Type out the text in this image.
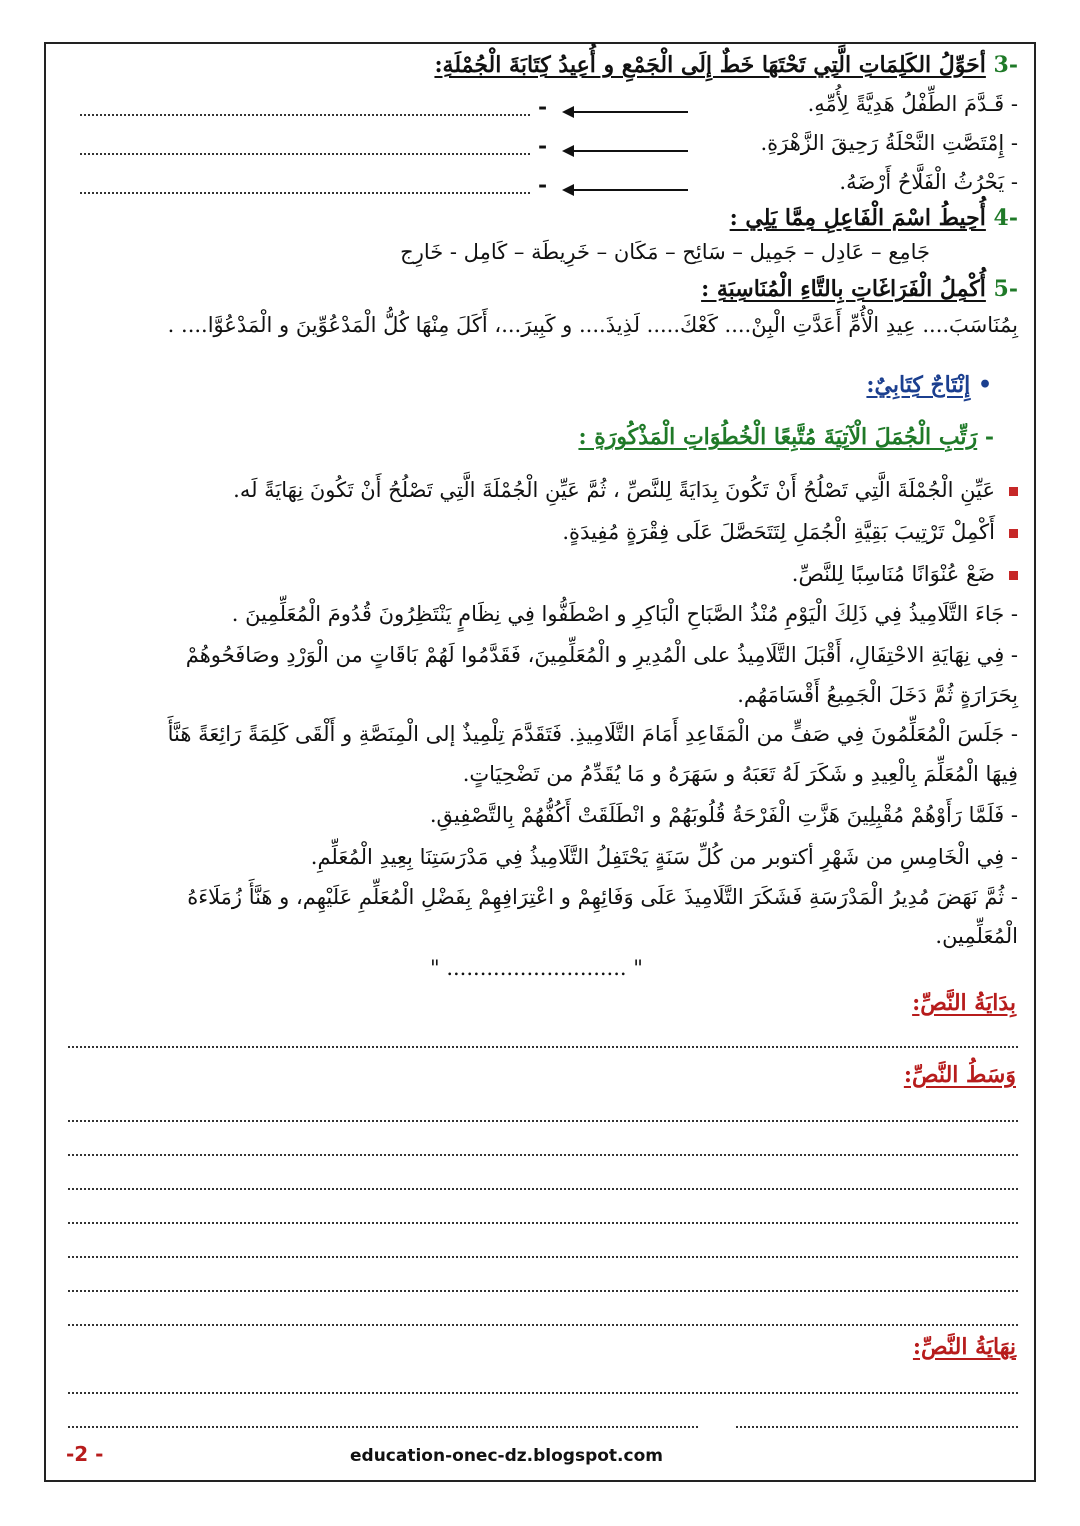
-3 أحَوِّلُ الكَلِمَاتِ الَّتِي تَحْتَهَا خَطٌ إِلَى الْجَمْعِ و أُعِيدُ كِتَابَةَ الْجُمْلَةِ:
- قَـدَّمَ الطِّفْلُ هَدِيَّةً لِأُمِّهِ.
-
- إِمْتَصَّتِ النَّحْلَةُ رَحِيقَ الزَّهْرَةِ.
-
- يَحْرُثُ الْفَلَّاحُ أَرْضَهُ.
-
-4 أُحِيطُ اسْمَ الْفَاعِلِ مِمَّا يَلِي :
جَامِع – عَادِل – جَمِيل – سَائِح – مَكَان – خَرِيطَة – كَامِل - خَارِج
-5 أُكْمِلُ الْفَرَاغَاتِ بِالتَّاءِ الْمُنَاسِبَةِ :
بِمُنَاسَبَ.... عِيدِ الْأُمِّ أَعَدَّتِ الْبِنْ.... كَعْكَ..... لَذِيذَ.... و كَبِيرَ...، أَكَلَ مِنْهَا كُلُّ الْمَدْعُوِّينَ و الْمَدْعُوَّا.... .
• إِنْتَاجٌ كِتَابِيٌ:
- رَتِّبِ الْجُمَلَ الْآتِيَةَ مُتَّبِعًا الْخُطُوَاتِ الْمَذْكُورَةِ :
عَيِّنِ الْجُمْلَةَ الَّتِي تَصْلُحُ أَنْ تَكُونَ بِدَايَةً لِلنَّصِّ ، ثُمَّ عَيِّنِ الْجُمْلَةَ الَّتِي تَصْلُحُ أَنْ تَكُونَ نِهَايَةً لَه.
أَكْمِلْ تَرْتِيبَ بَقِيَّةِ الْجُمَلِ لِتَتَحَصَّلَ عَلَى فِقْرَةٍ مُفِيدَةٍ.
ضَعْ عُنْوَانًا مُنَاسِبًا لِلنَّصِّ.
- جَاءَ التَّلَامِيذُ فِي ذَلِكَ الْيَوْمِ مُنْذُ الصَّبَاحِ الْبَاكِرِ و اصْطَفُّوا فِي نِظَامٍ يَنْتَظِرُونَ قُدُومَ الْمُعَلِّمِينَ .
- فِي نِهَايَةِ الاحْتِفَالِ، أَقْبَلَ التَّلَامِيذُ على الْمُدِيرِ و الْمُعَلِّمِينَ، فَقَدَّمُوا لَهُمْ بَاقَاتٍ من الْوَرْدِ وصَافَحُوهُمْ
بِحَرَارَةٍ ثُمَّ دَخَلَ الْجَمِيعُ أَقْسَامَهُم.
- جَلَسَ الْمُعَلِّمُونَ فِي صَفٍّ من الْمَقَاعِدِ أَمَامَ التَّلَامِيذِ. فَتَقَدَّمَ تِلْمِيذٌ إلى الْمِنَصَّةِ و أَلْقَى كَلِمَةً رَائِعَةً هَنَّأَ
فِيهَا الْمُعَلِّمَ بِالْعِيدِ و شَكَرَ لَهُ تَعَبَهُ و سَهَرَهُ و مَا يُقَدِّمُ من تَضْحِيَاتٍ.
- فَلَمَّا رَأَوْهُمْ مُقْبِلِينَ هَزَّتِ الْفَرْحَةُ قُلُوبَهُمْ و انْطَلَقَتْ أَكُفُّهُمْ بِالتَّصْفِيقِ.
- فِي الْخَامِسِ من شَهْرِ أكتوبر من كُلِّ سَنَةٍ يَحْتَفِلُ التَّلَامِيذُ فِي مَدْرَسَتِنَا بِعِيدِ الْمُعَلِّمِ.
- ثُمَّ نَهَضَ مُدِيرُ الْمَدْرَسَةِ فَشَكَرَ التَّلَامِيذَ عَلَى وَفَائِهِمْ و اعْتِرَافِهِمْ بِفَضْلِ الْمُعَلِّمِ عَلَيْهِم، و هَنَّأَ زُمَلَاءَهُ
الْمُعَلِّمِين.
" ........................... "
بِدَايَةُ النَّصِّ:
وَسَطُ النَّصِّ:
نِهَايَةُ النَّصِّ:
-2 -	education-onec-dz.blogspot.com
